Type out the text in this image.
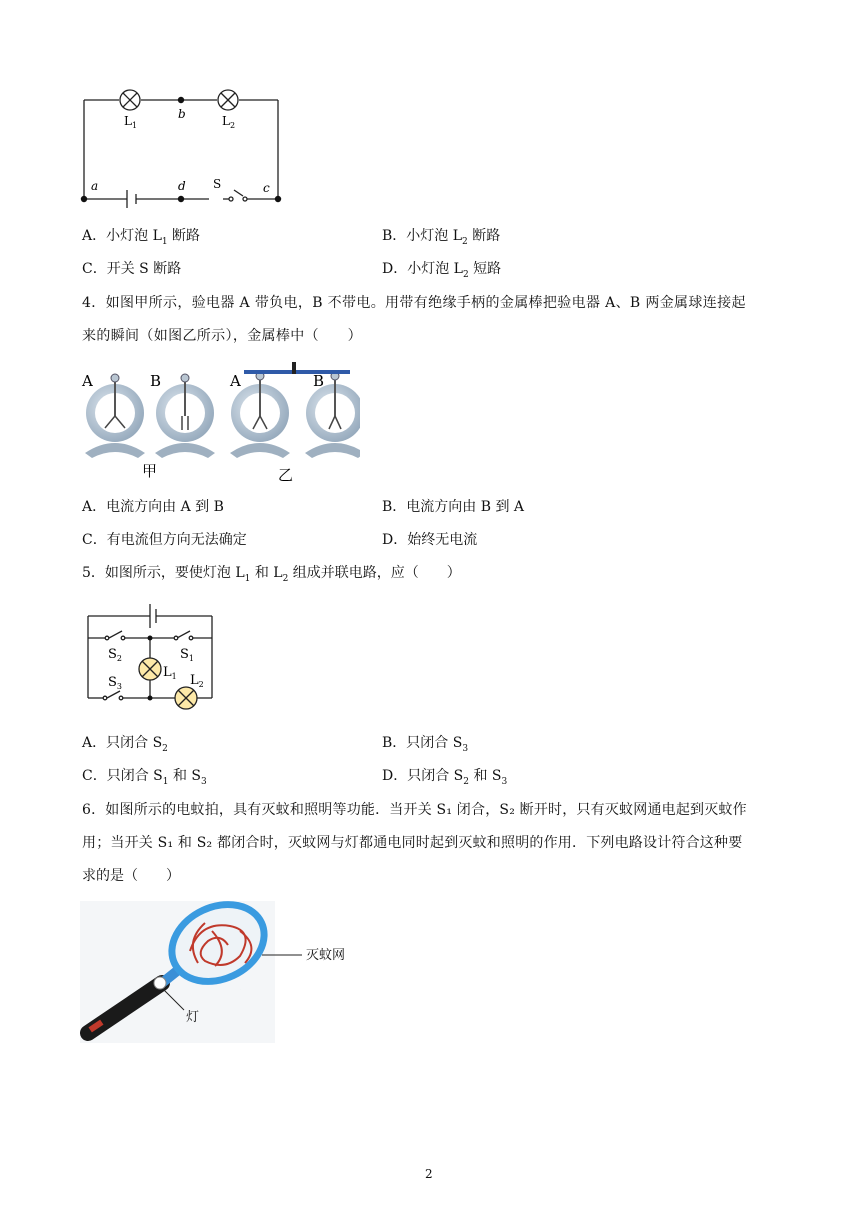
$L_1$	$L_2$
b
a	d S	c
A．小灯泡 $L_1$ 断路	B．小灯泡 $L_2$ 断路
C．开关 S 断路	D．小灯泡 $L_2$ 短路
4．如图甲所示，验电器 A 带负电，B 不带电。用带有绝缘手柄的金属棒把验电器 A、B 两金属球连接起
来的瞬间（如图乙所示），金属棒中（　　）
A	B	A	B
甲	乙
A．电流方向由 A 到 B	B．电流方向由 B 到 A
C．有电流但方向无法确定	D．始终无电流
5．如图所示，要使灯泡 $L_1$ 和 $L_2$ 组成并联电路，应（　　）
$S_2$	$S_1$
$S_3$
$L_1$ $L_2$
A．只闭合 $S_2$	B．只闭合 $S_3$
C．只闭合 $S_1$ 和 $S_3$	D．只闭合 $S_2$ 和 $S_3$
6．如图所示的电蚊拍，具有灭蚊和照明等功能．当开关 S₁ 闭合，S₂ 断开时，只有灭蚊网通电起到灭蚊作
用；当开关 S₁ 和 S₂ 都闭合时，灭蚊网与灯都通电同时起到灭蚊和照明的作用．下列电路设计符合这种要
求的是（　　）
灭蚊网
灯
2
